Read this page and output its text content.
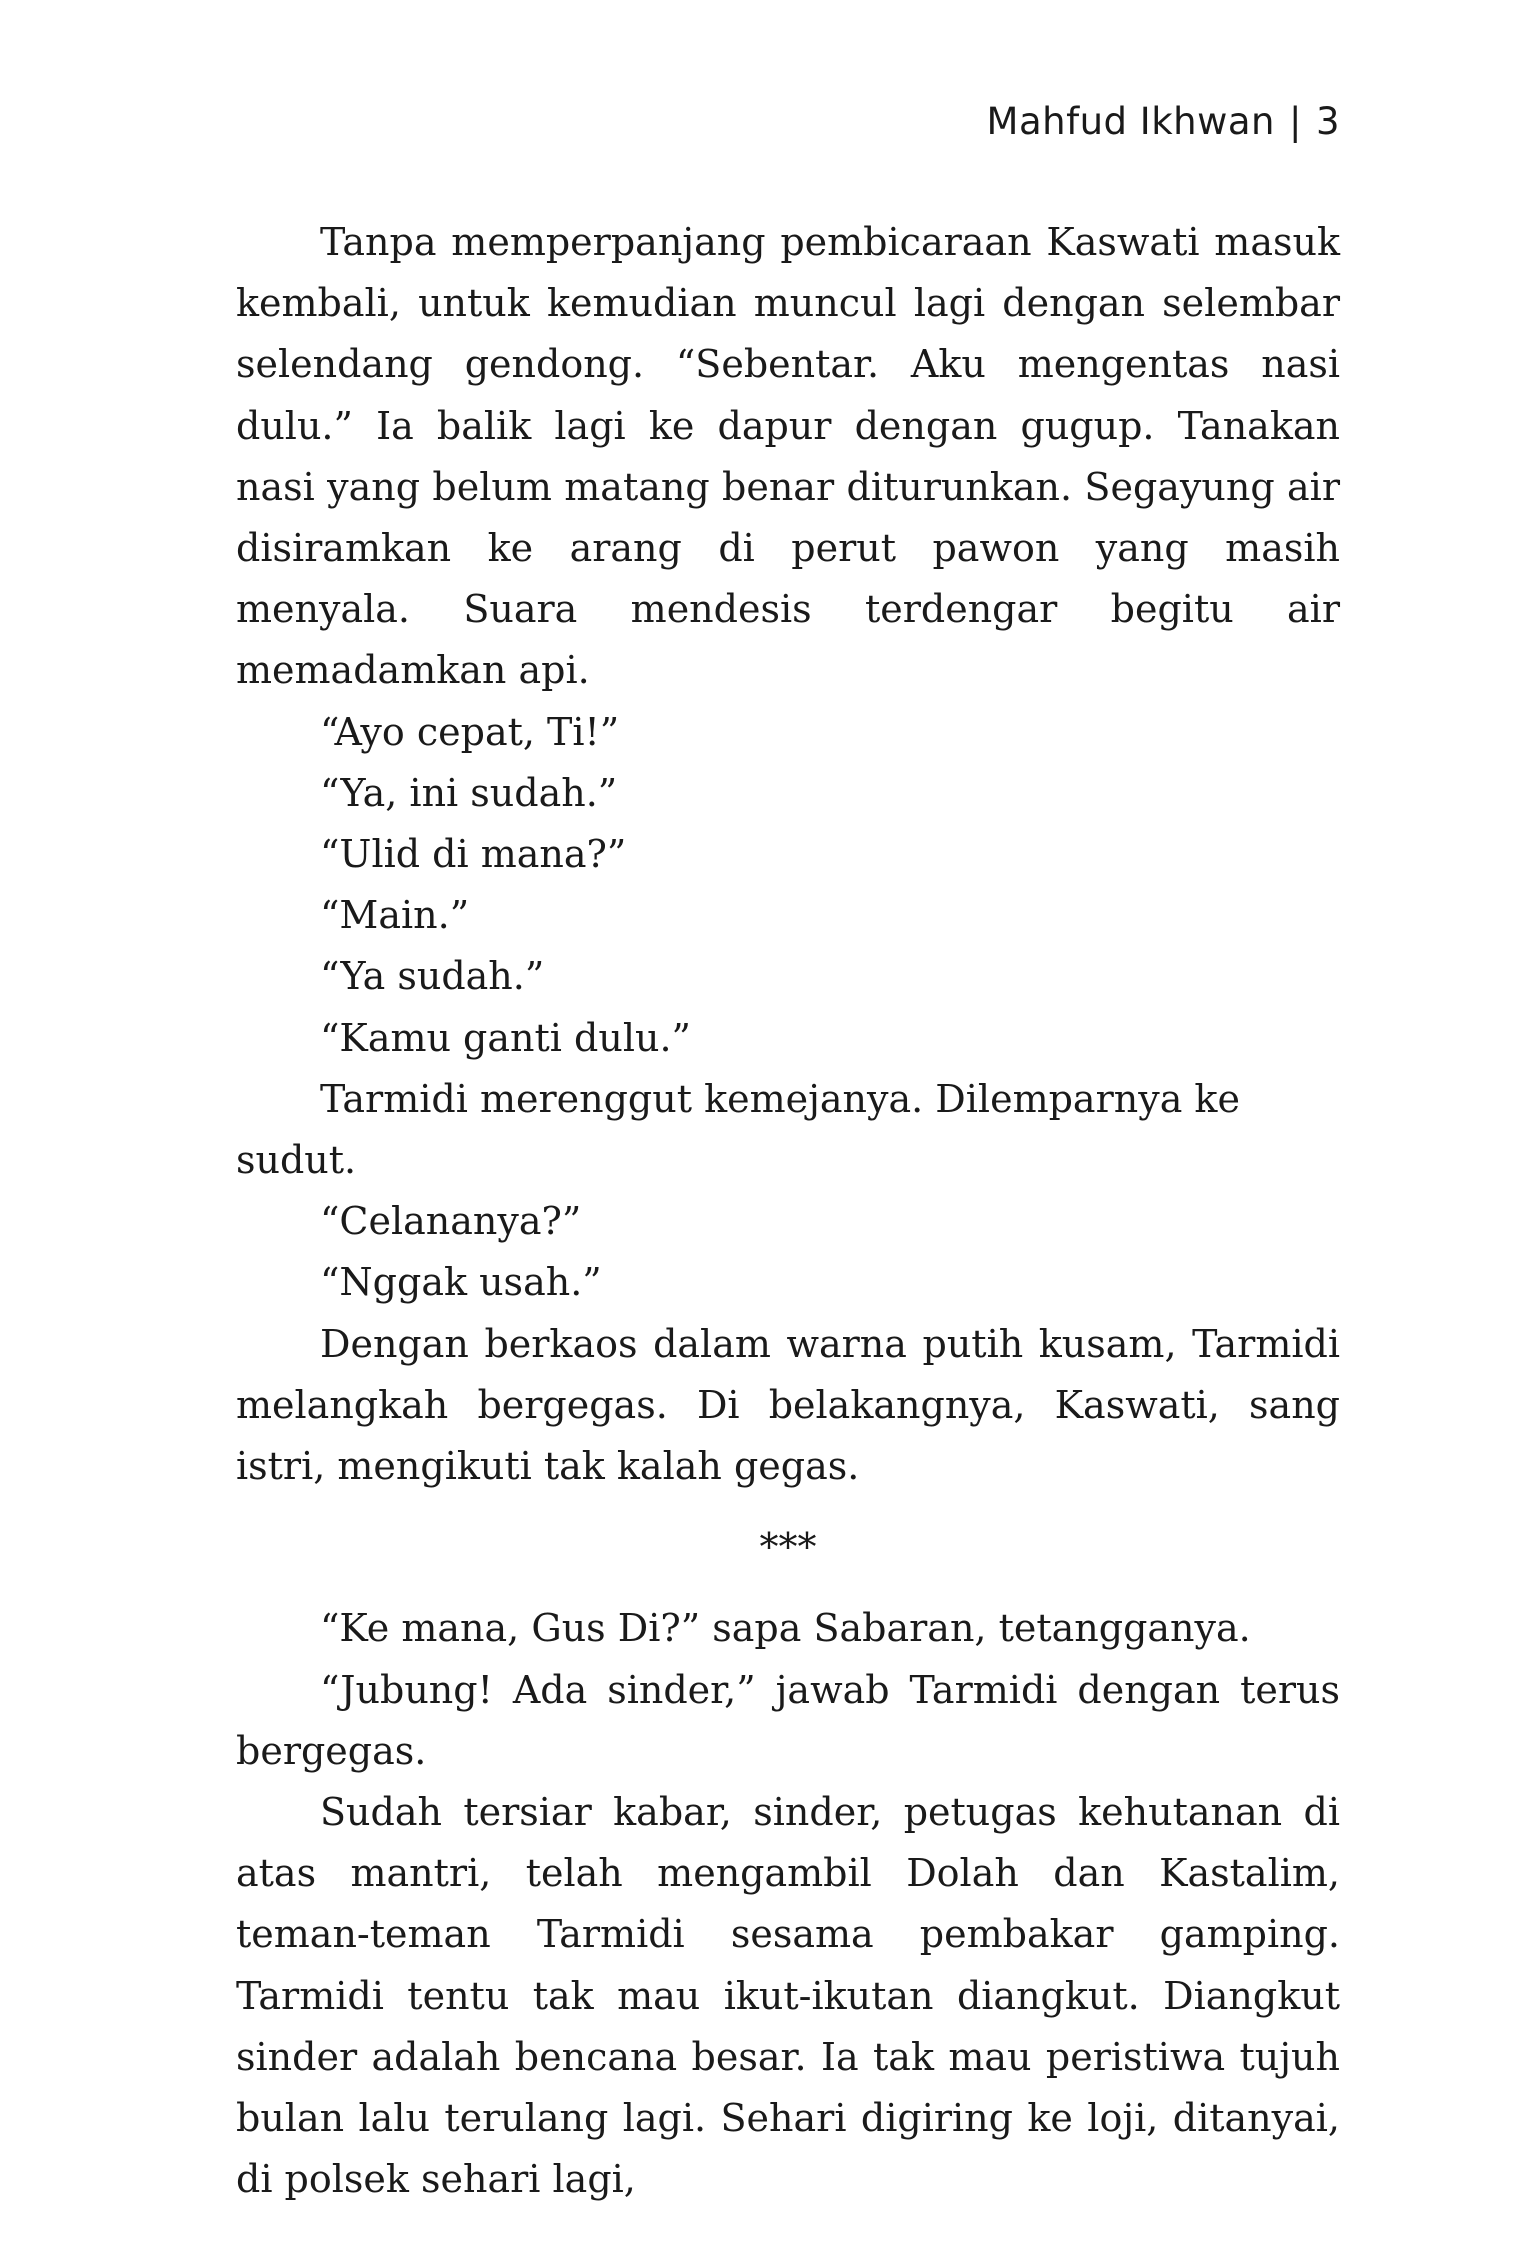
Mahfud Ikhwan | 3

Tanpa memperpanjang pembicaraan Kaswati masuk kembali, untuk kemudian muncul lagi dengan selembar selendang gendong. “Sebentar. Aku mengentas nasi dulu.” Ia balik lagi ke dapur dengan gugup. Tanakan nasi yang belum matang benar diturunkan. Segayung air disiramkan ke arang di perut pawon yang masih menyala. Suara mendesis terdengar begitu air memadamkan api.

“Ayo cepat, Ti!”

“Ya, ini sudah.”

“Ulid di mana?”

“Main.”

“Ya sudah.”

“Kamu ganti dulu.”

Tarmidi merenggut kemejanya. Dilemparnya ke sudut.

“Celananya?”

“Nggak usah.”

Dengan berkaos dalam warna putih kusam, Tarmidi melangkah bergegas. Di belakangnya, Kaswati, sang istri, mengikuti tak kalah gegas.

***

“Ke mana, Gus Di?” sapa Sabaran, tetangganya.

“Jubung! Ada sinder,” jawab Tarmidi dengan terus bergegas.

Sudah tersiar kabar, sinder, petugas kehutanan di atas mantri, telah mengambil Dolah dan Kastalim, teman-teman Tarmidi sesama pembakar gamping. Tarmidi tentu tak mau ikut-ikutan diangkut. Diangkut sinder adalah bencana besar. Ia tak mau peristiwa tujuh bulan lalu terulang lagi. Sehari digiring ke loji, ditanyai, di polsek sehari lagi,
